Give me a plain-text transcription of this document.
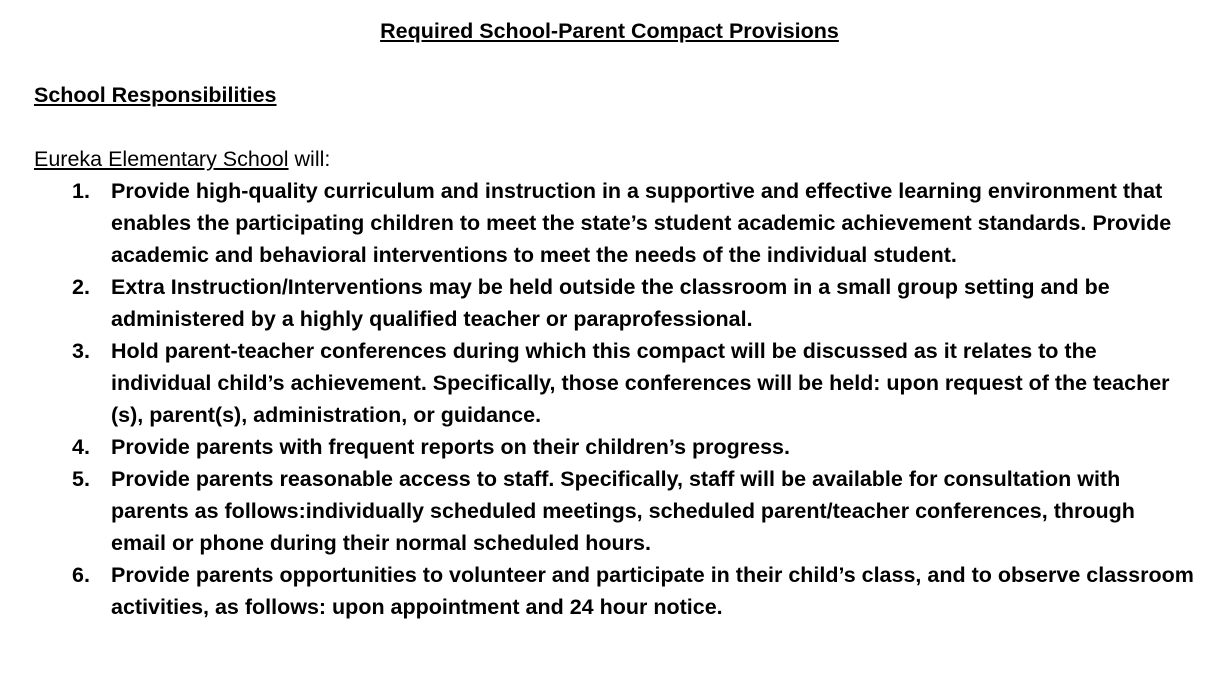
Required School-Parent Compact Provisions
School Responsibilities
Eureka Elementary School will:
1. Provide high-quality curriculum and instruction in a supportive and effective learning environment that enables the participating children to meet the state’s student academic achievement standards. Provide academic and behavioral interventions to meet the needs of the individual student.
2. Extra Instruction/Interventions may be held outside the classroom in a small group setting and be administered by a highly qualified teacher or paraprofessional.
3. Hold parent-teacher conferences during which this compact will be discussed as it relates to the individual child’s achievement. Specifically, those conferences will be held: upon request of the teacher (s), parent(s), administration, or guidance.
4. Provide parents with frequent reports on their children’s progress.
5. Provide parents reasonable access to staff. Specifically, staff will be available for consultation with parents as follows:individually scheduled meetings, scheduled parent/teacher conferences, through email or phone during their normal scheduled hours.
6. Provide parents opportunities to volunteer and participate in their child’s class, and to observe classroom activities, as follows: upon appointment and 24 hour notice.
